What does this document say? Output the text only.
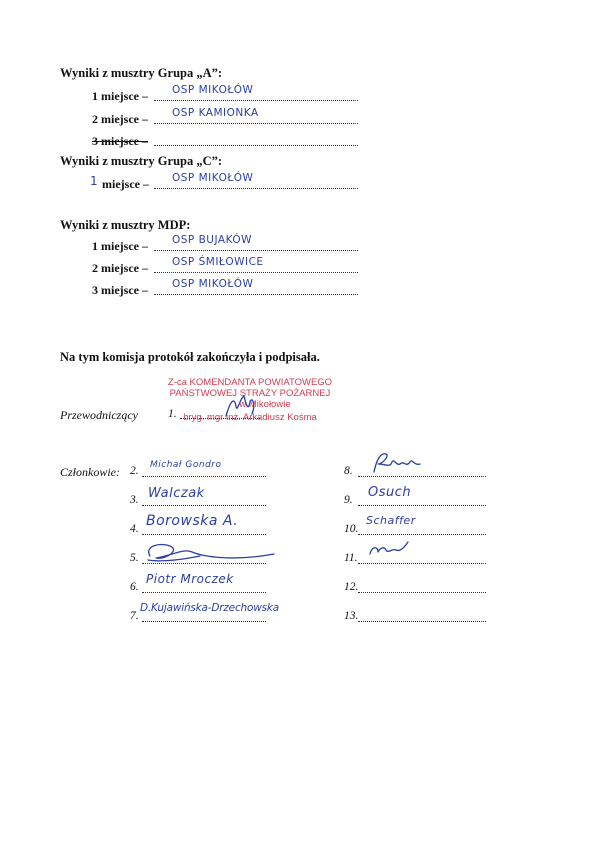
Wyniki z musztry Grupa „A”:
1 miejsce – OSP MIKOŁÓW
2 miejsce – OSP KAMIONKA
3 miejsce –
Wyniki z musztry Grupa „C”:
1 miejsce – OSP MIKOŁÓW
Wyniki z musztry MDP:
1 miejsce – OSP BUJAKÓW
2 miejsce – OSP ŚMIŁOWICE
3 miejsce – OSP MIKOŁÓW
Na tym komisja protokół zakończyła i podpisała.
Z-ca KOMENDANTA POWIATOWEGO
PAŃSTWOWEJ STRAŻY POŻARNEJ
w Mikołowie
bryg. mgr inż. Arkadiusz Kośma
Przewodniczący	1.
Członkowie: 2. Michał Gondro
3. Walczak
4. Borowska A.
5.
6.
Piotr Mroczek
7.
D.Kujawińska-Drzechowska
8.
9. Osuch
10.
Schaffer
11.
12.
13.
